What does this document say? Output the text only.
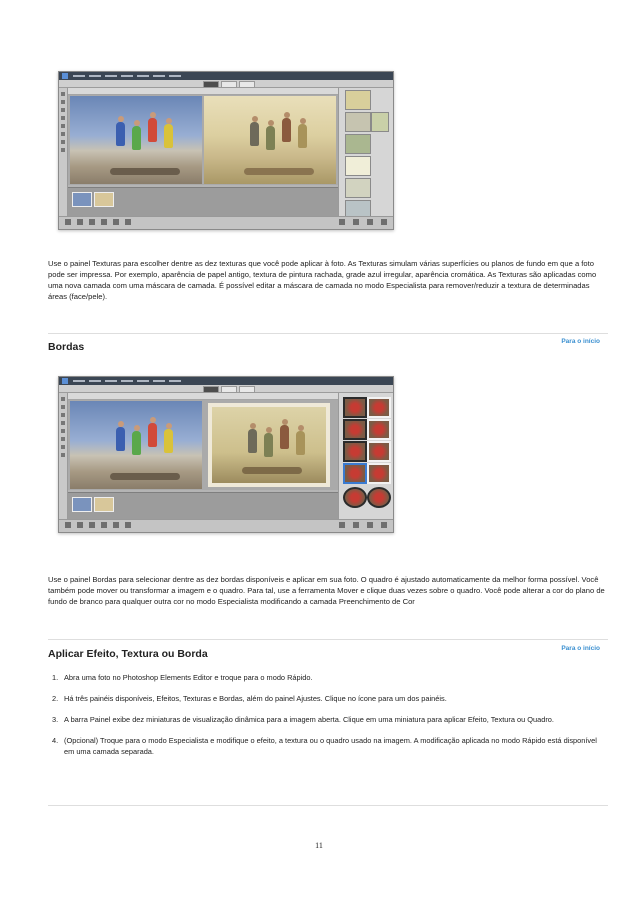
Use o painel Texturas para escolher dentre as dez texturas que você pode aplicar à foto. As Texturas simulam várias superfícies ou planos de fundo em que a foto pode ser impressa. Por exemplo, aparência de papel antigo, textura de pintura rachada, grade azul irregular, aparência cromática. As Texturas são aplicadas como uma nova camada com uma máscara de camada. É possível editar a máscara de camada no modo Especialista para remover/reduzir a textura de determinadas áreas (face/pele).

Para o início
Bordas

Use o painel Bordas para selecionar dentre as dez bordas disponíveis e aplicar em sua foto. O quadro é ajustado automaticamente da melhor forma possível. Você também pode mover ou transformar a imagem e o quadro. Para tal, use a ferramenta Mover e clique duas vezes sobre o quadro. Você pode alterar a cor do plano de fundo de branco para qualquer outra cor no modo Especialista modificando a camada Preenchimento de Cor

Para o início
Aplicar Efeito, Textura ou Borda
1. Abra uma foto no Photoshop Elements Editor e troque para o modo Rápido.
2. Há três painéis disponíveis, Efeitos, Texturas e Bordas, além do painel Ajustes. Clique no ícone para um dos painéis.
3. A barra Painel exibe dez miniaturas de visualização dinâmica para a imagem aberta. Clique em uma miniatura para aplicar Efeito, Textura ou Quadro.
4. (Opcional) Troque para o modo Especialista e modifique o efeito, a textura ou o quadro usado na imagem. A modificação aplicada no modo Rápido está disponível em uma camada separada.
11
